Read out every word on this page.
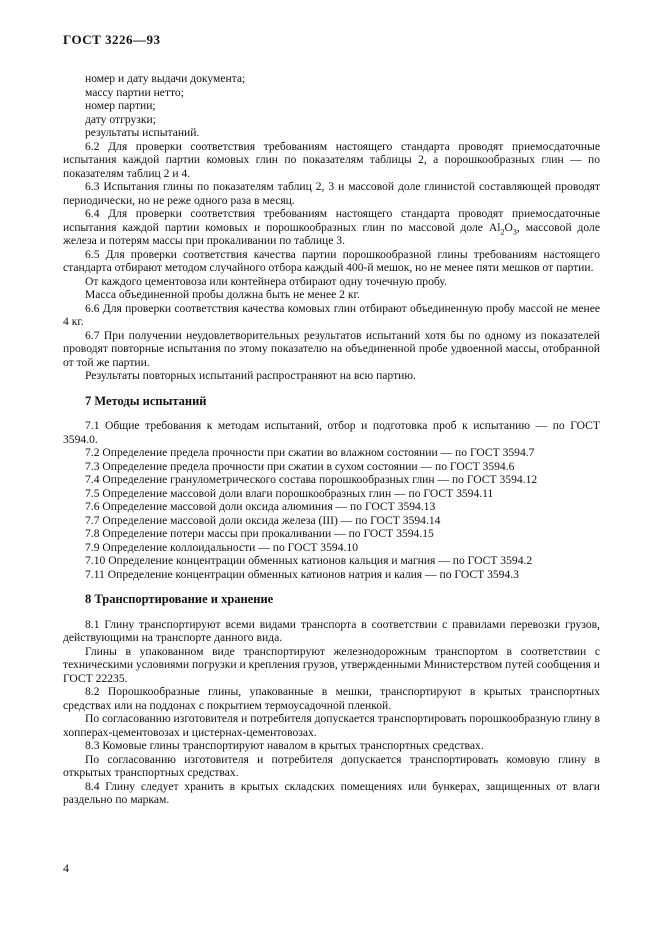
ГОСТ 3226—93

номер и дату выдачи документа;

массу партии нетто;

номер партии;

дату отгрузки;

результаты испытаний.

6.2 Для проверки соответствия требованиям настоящего стандарта проводят приемосдаточные испытания каждой партии комовых глин по показателям таблицы 2, а порошкообразных глин — по показателям таблиц 2 и 4.

6.3 Испытания глины по показателям таблиц 2, 3 и массовой доле глинистой составляющей проводят периодически, но не реже одного раза в месяц.

6.4 Для проверки соответствия требованиям настоящего стандарта проводят приемосдаточные испытания каждой партии комовых и порошкообразных глин по массовой доле $Al_2O_3$, массовой доле железа и потерям массы при прокаливании по таблице 3.

6.5 Для проверки соответствия качества партии порошкообразной глины требованиям настоящего стандарта отбирают методом случайного отбора каждый 400-й мешок, но не менее пяти мешков от партии.

От каждого цементовоза или контейнера отбирают одну точечную пробу.

Масса объединенной пробы должна быть не менее 2 кг.

6.6 Для проверки соответствия качества комовых глин отбирают объединенную пробу массой не менее 4 кг.

6.7 При получении неудовлетворительных результатов испытаний хотя бы по одному из показателей проводят повторные испытания по этому показателю на объединенной пробе удвоенной массы, отобранной от той же партии.

Результаты повторных испытаний распространяют на всю партию.

7 Методы испытаний

7.1 Общие требования к методам испытаний, отбор и подготовка проб к испытанию — по ГОСТ 3594.0.

7.2 Определение предела прочности при сжатии во влажном состоянии — по ГОСТ 3594.7

7.3 Определение предела прочности при сжатии в сухом состоянии — по ГОСТ 3594.6

7.4 Определение гранулометрического состава порошкообразных глин — по ГОСТ 3594.12

7.5 Определение массовой доли влаги порошкообразных глин — по ГОСТ 3594.11

7.6 Определение массовой доли оксида алюминия — по ГОСТ 3594.13

7.7 Определение массовой доли оксида железа (III) — по ГОСТ 3594.14

7.8 Определение потери массы при прокаливании — по ГОСТ 3594.15

7.9 Определение коллоидальности — по ГОСТ 3594.10

7.10 Определение концентрации обменных катионов кальция и магния — по ГОСТ 3594.2

7.11 Определение концентрации обменных катионов натрия и калия — по ГОСТ 3594.3

8 Транспортирование и хранение

8.1 Глину транспортируют всеми видами транспорта в соответствии с правилами перевозки грузов, действующими на транспорте данного вида.

Глины в упакованном виде транспортируют железнодорожным транспортом в соответствии с техническими условиями погрузки и крепления грузов, утвержденными Министерством путей сообщения и ГОСТ 22235.

8.2 Порошкообразные глины, упакованные в мешки, транспортируют в крытых транспортных средствах или на поддонах с покрытием термоусадочной пленкой.

По согласованию изготовителя и потребителя допускается транспортировать порошкообразную глину в хопперах-цементовозах и цистернах-цементовозах.

8.3 Комовые глины транспортируют навалом в крытых транспортных средствах.

По согласованию изготовителя и потребителя допускается транспортировать комовую глину в открытых транспортных средствах.

8.4 Глину следует хранить в крытых складских помещениях или бункерах, защищенных от влаги раздельно по маркам.

4
